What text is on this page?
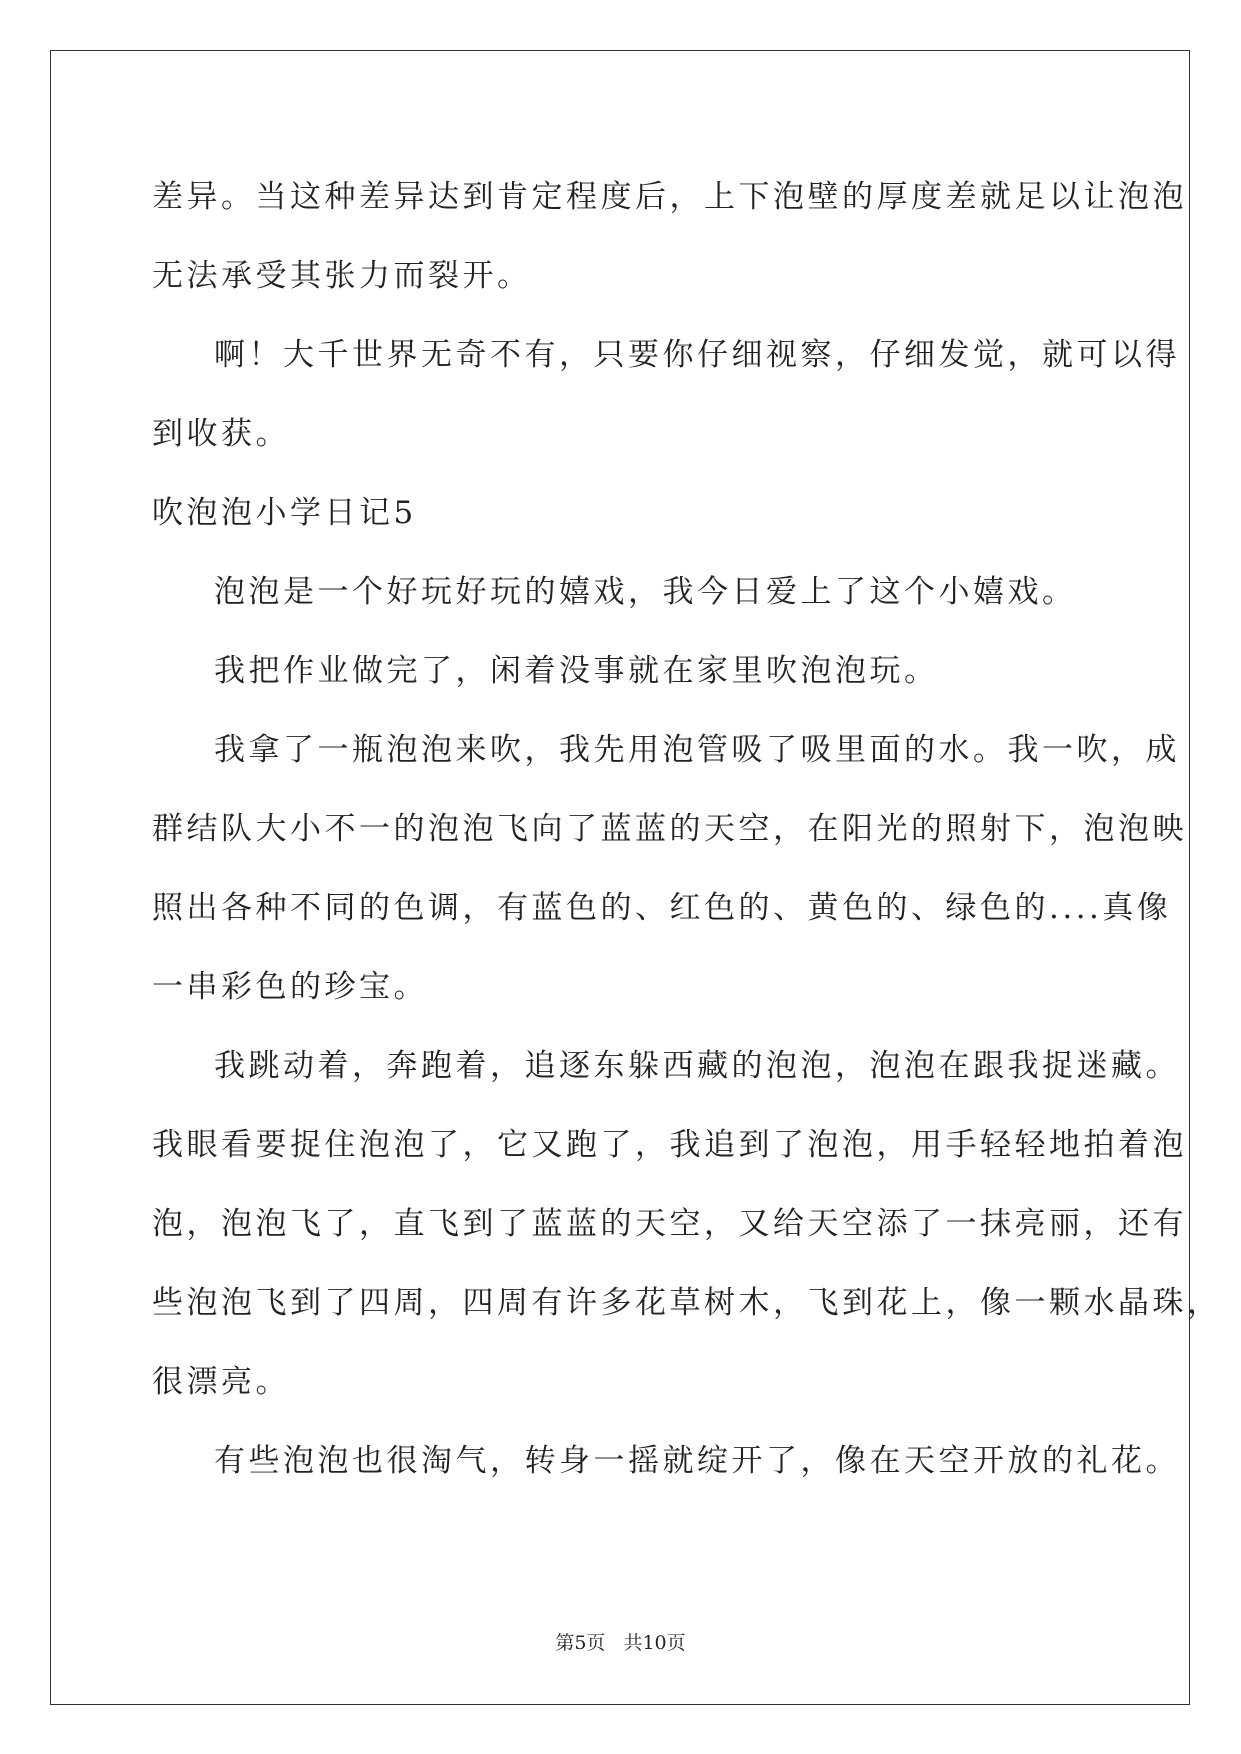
差异。当这种差异达到肯定程度后，上下泡壁的厚度差就足以让泡泡
无法承受其张力而裂开。
啊！大千世界无奇不有，只要你仔细视察，仔细发觉，就可以得
到收获。
吹泡泡小学日记5
泡泡是一个好玩好玩的嬉戏，我今日爱上了这个小嬉戏。
我把作业做完了，闲着没事就在家里吹泡泡玩。
我拿了一瓶泡泡来吹，我先用泡管吸了吸里面的水。我一吹，成
群结队大小不一的泡泡飞向了蓝蓝的天空，在阳光的照射下，泡泡映
照出各种不同的色调，有蓝色的、红色的、黄色的、绿色的....真像
一串彩色的珍宝。
我跳动着，奔跑着，追逐东躲西藏的泡泡，泡泡在跟我捉迷藏。
我眼看要捉住泡泡了，它又跑了，我追到了泡泡，用手轻轻地拍着泡
泡，泡泡飞了，直飞到了蓝蓝的天空，又给天空添了一抹亮丽，还有
些泡泡飞到了四周，四周有许多花草树木，飞到花上，像一颗水晶珠，
很漂亮。
有些泡泡也很淘气，转身一摇就绽开了，像在天空开放的礼花。
第5页 共10页
